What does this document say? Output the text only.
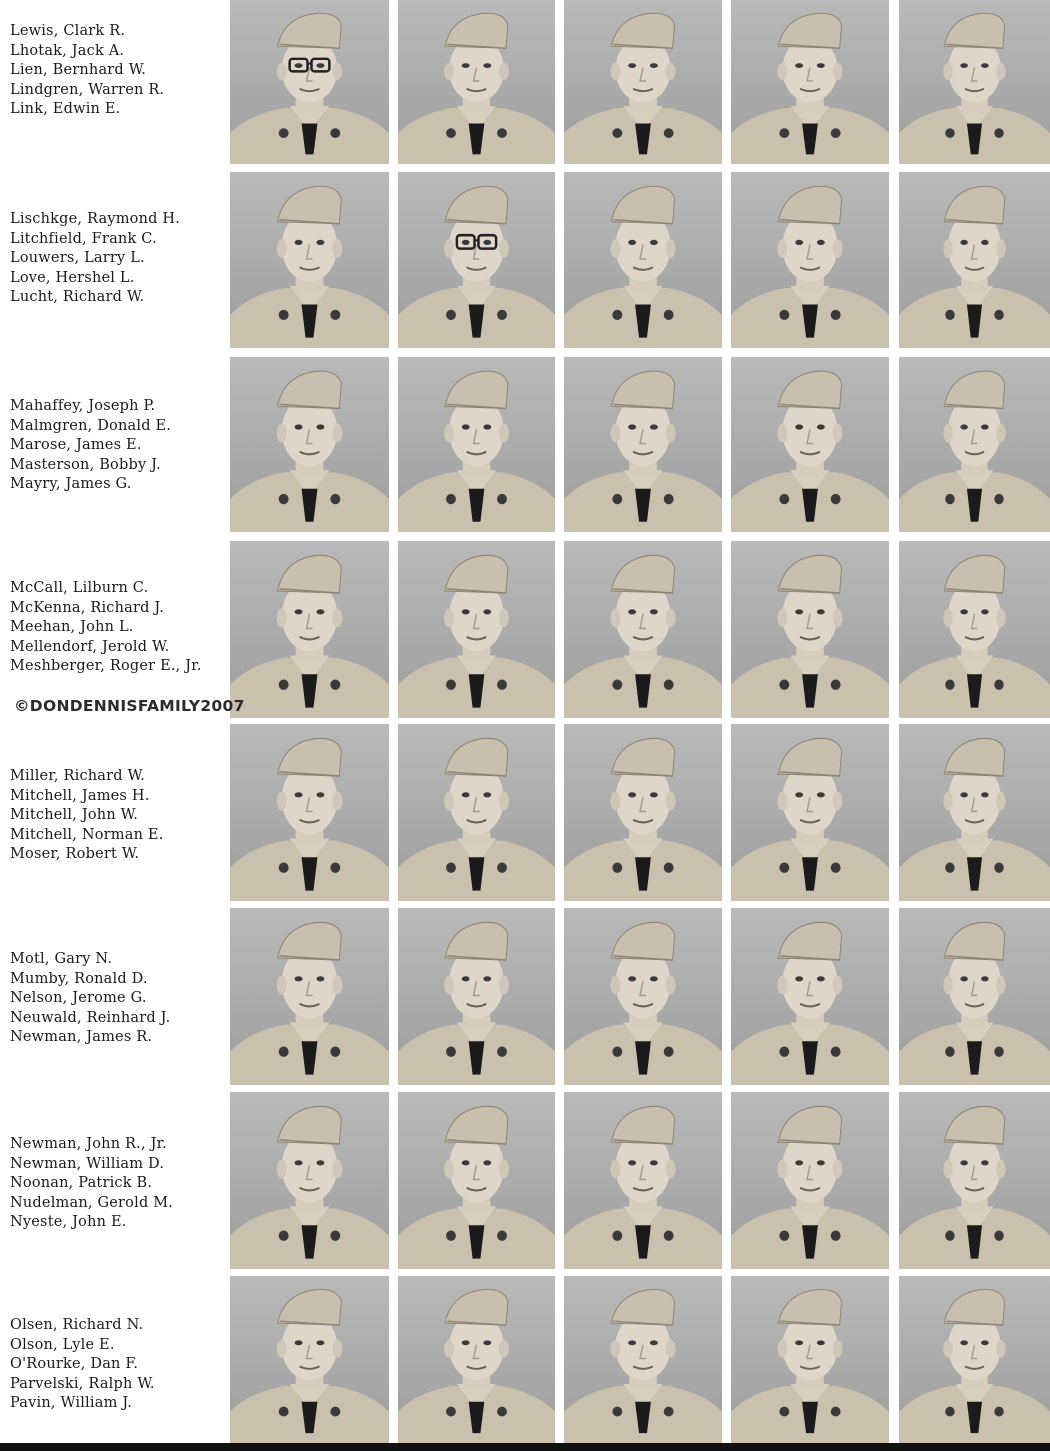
Lewis, Clark R.
Lhotak, Jack A.
Lien, Bernhard W.
Lindgren, Warren R.
Link, Edwin E.
Lischkge, Raymond H.
Litchfield, Frank C.
Louwers, Larry L.
Love, Hershel L.
Lucht, Richard W.
Mahaffey, Joseph P.
Malmgren, Donald E.
Marose, James E.
Masterson, Bobby J.
Mayry, James G.
McCall, Lilburn C.
McKenna, Richard J.
Meehan, John L.
Mellendorf, Jerold W.
Meshberger, Roger E., Jr.
Miller, Richard W.
Mitchell, James H.
Mitchell, John W.
Mitchell, Norman E.
Moser, Robert W.
Motl, Gary N.
Mumby, Ronald D.
Nelson, Jerome G.
Neuwald, Reinhard J.
Newman, James R.
Newman, John R., Jr.
Newman, William D.
Noonan, Patrick B.
Nudelman, Gerold M.
Nyeste, John E.
Olsen, Richard N.
Olson, Lyle E.
O'Rourke, Dan F.
Parvelski, Ralph W.
Pavin, William J.
©DONDENNISFAMILY2007
